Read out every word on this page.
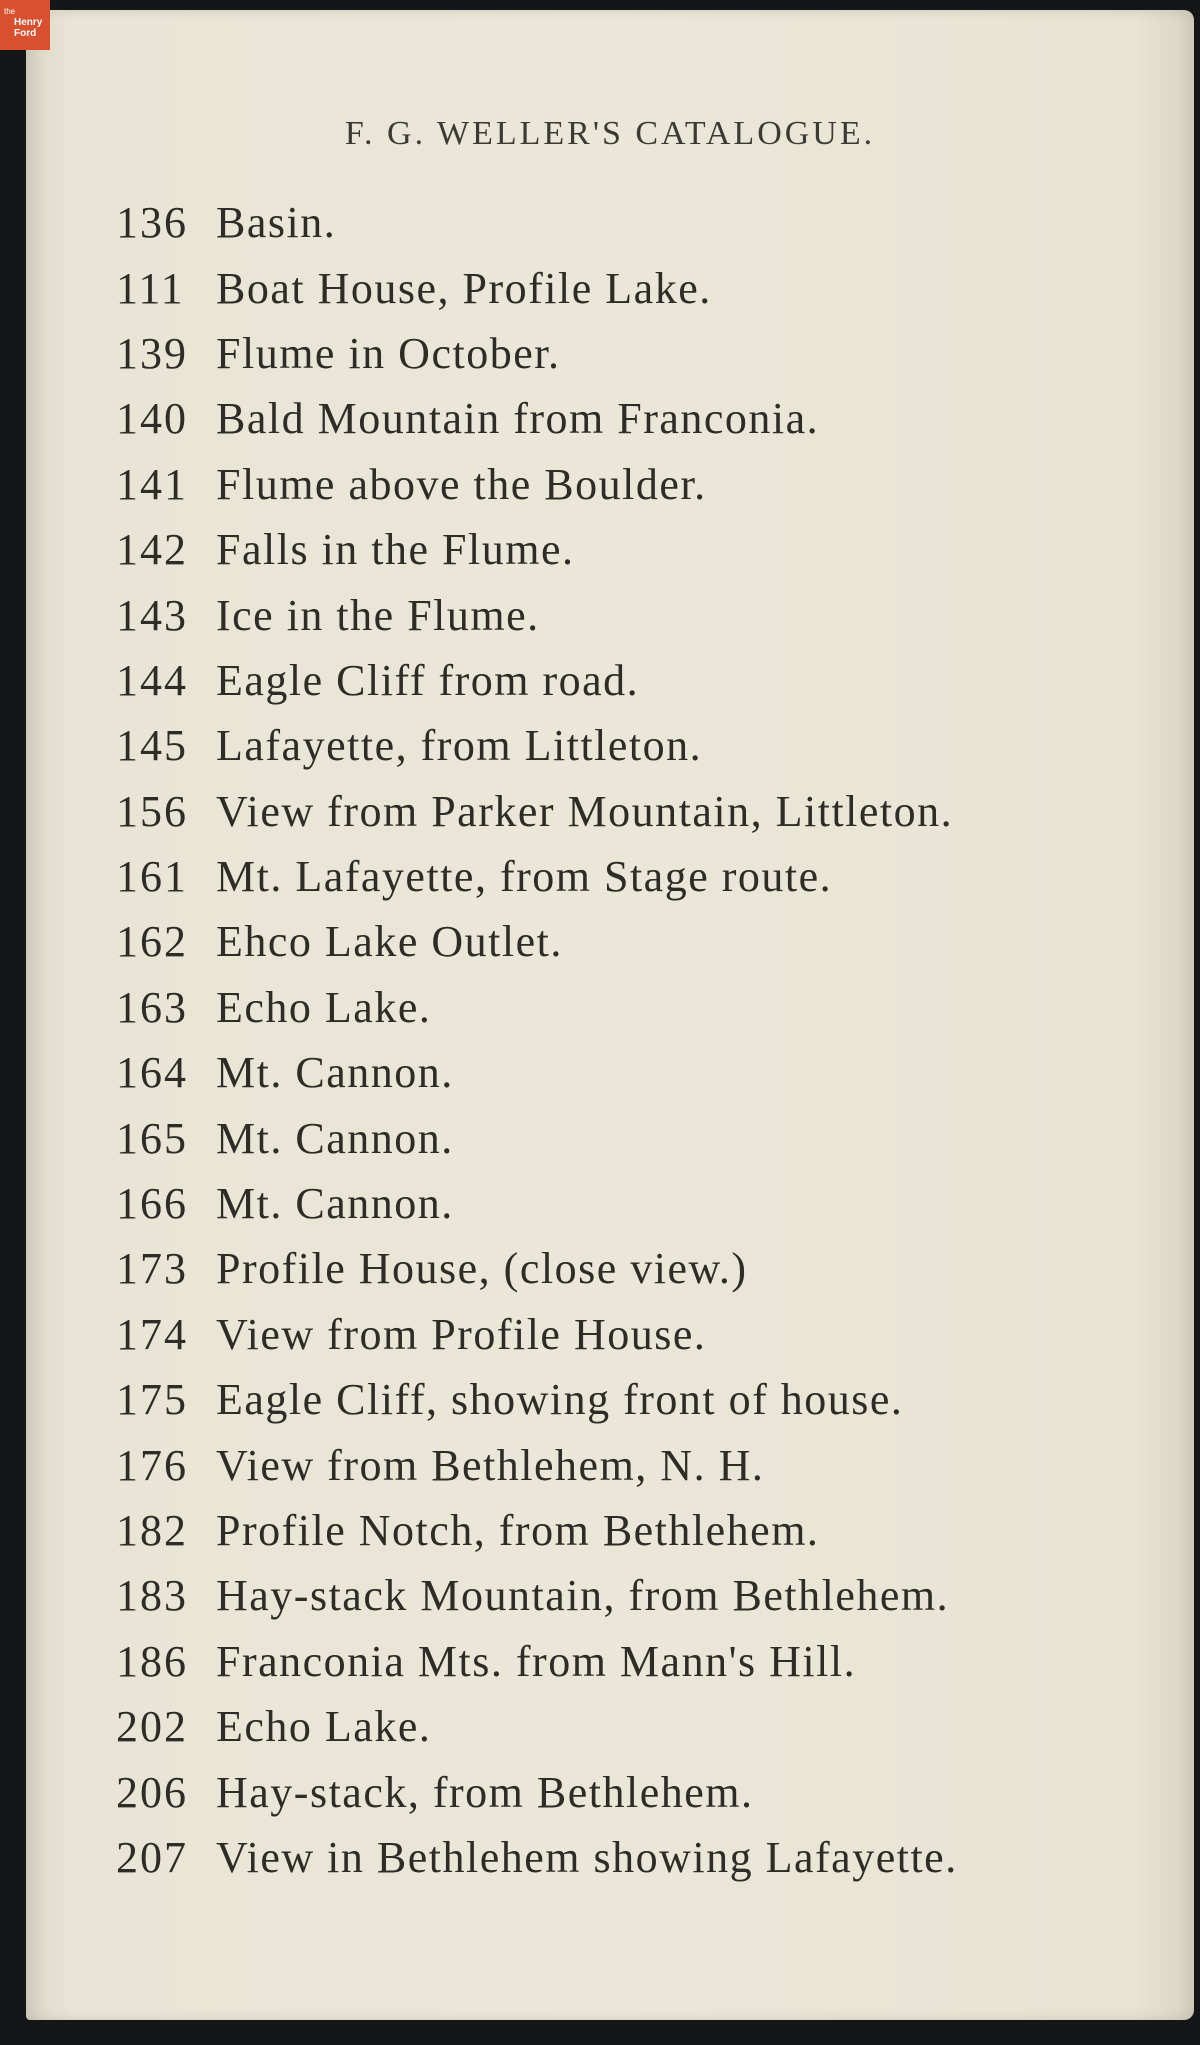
the
Henry
Ford
F. G. WELLER'S CATALOGUE.
136 Basin.
111 Boat House, Profile Lake.
139 Flume in October.
140 Bald Mountain from Franconia.
141 Flume above the Boulder.
142 Falls in the Flume.
143 Ice in the Flume.
144 Eagle Cliff from road.
145 Lafayette, from Littleton.
156 View from Parker Mountain, Littleton.
161 Mt. Lafayette, from Stage route.
162 Ehco Lake Outlet.
163 Echo Lake.
164 Mt. Cannon.
165 Mt. Cannon.
166 Mt. Cannon.
173 Profile House, (close view.)
174 View from Profile House.
175 Eagle Cliff, showing front of house.
176 View from Bethlehem, N. H.
182 Profile Notch, from Bethlehem.
183 Hay-stack Mountain, from Bethlehem.
186 Franconia Mts. from Mann's Hill.
202 Echo Lake.
206 Hay-stack, from Bethlehem.
207 View in Bethlehem showing Lafayette.
